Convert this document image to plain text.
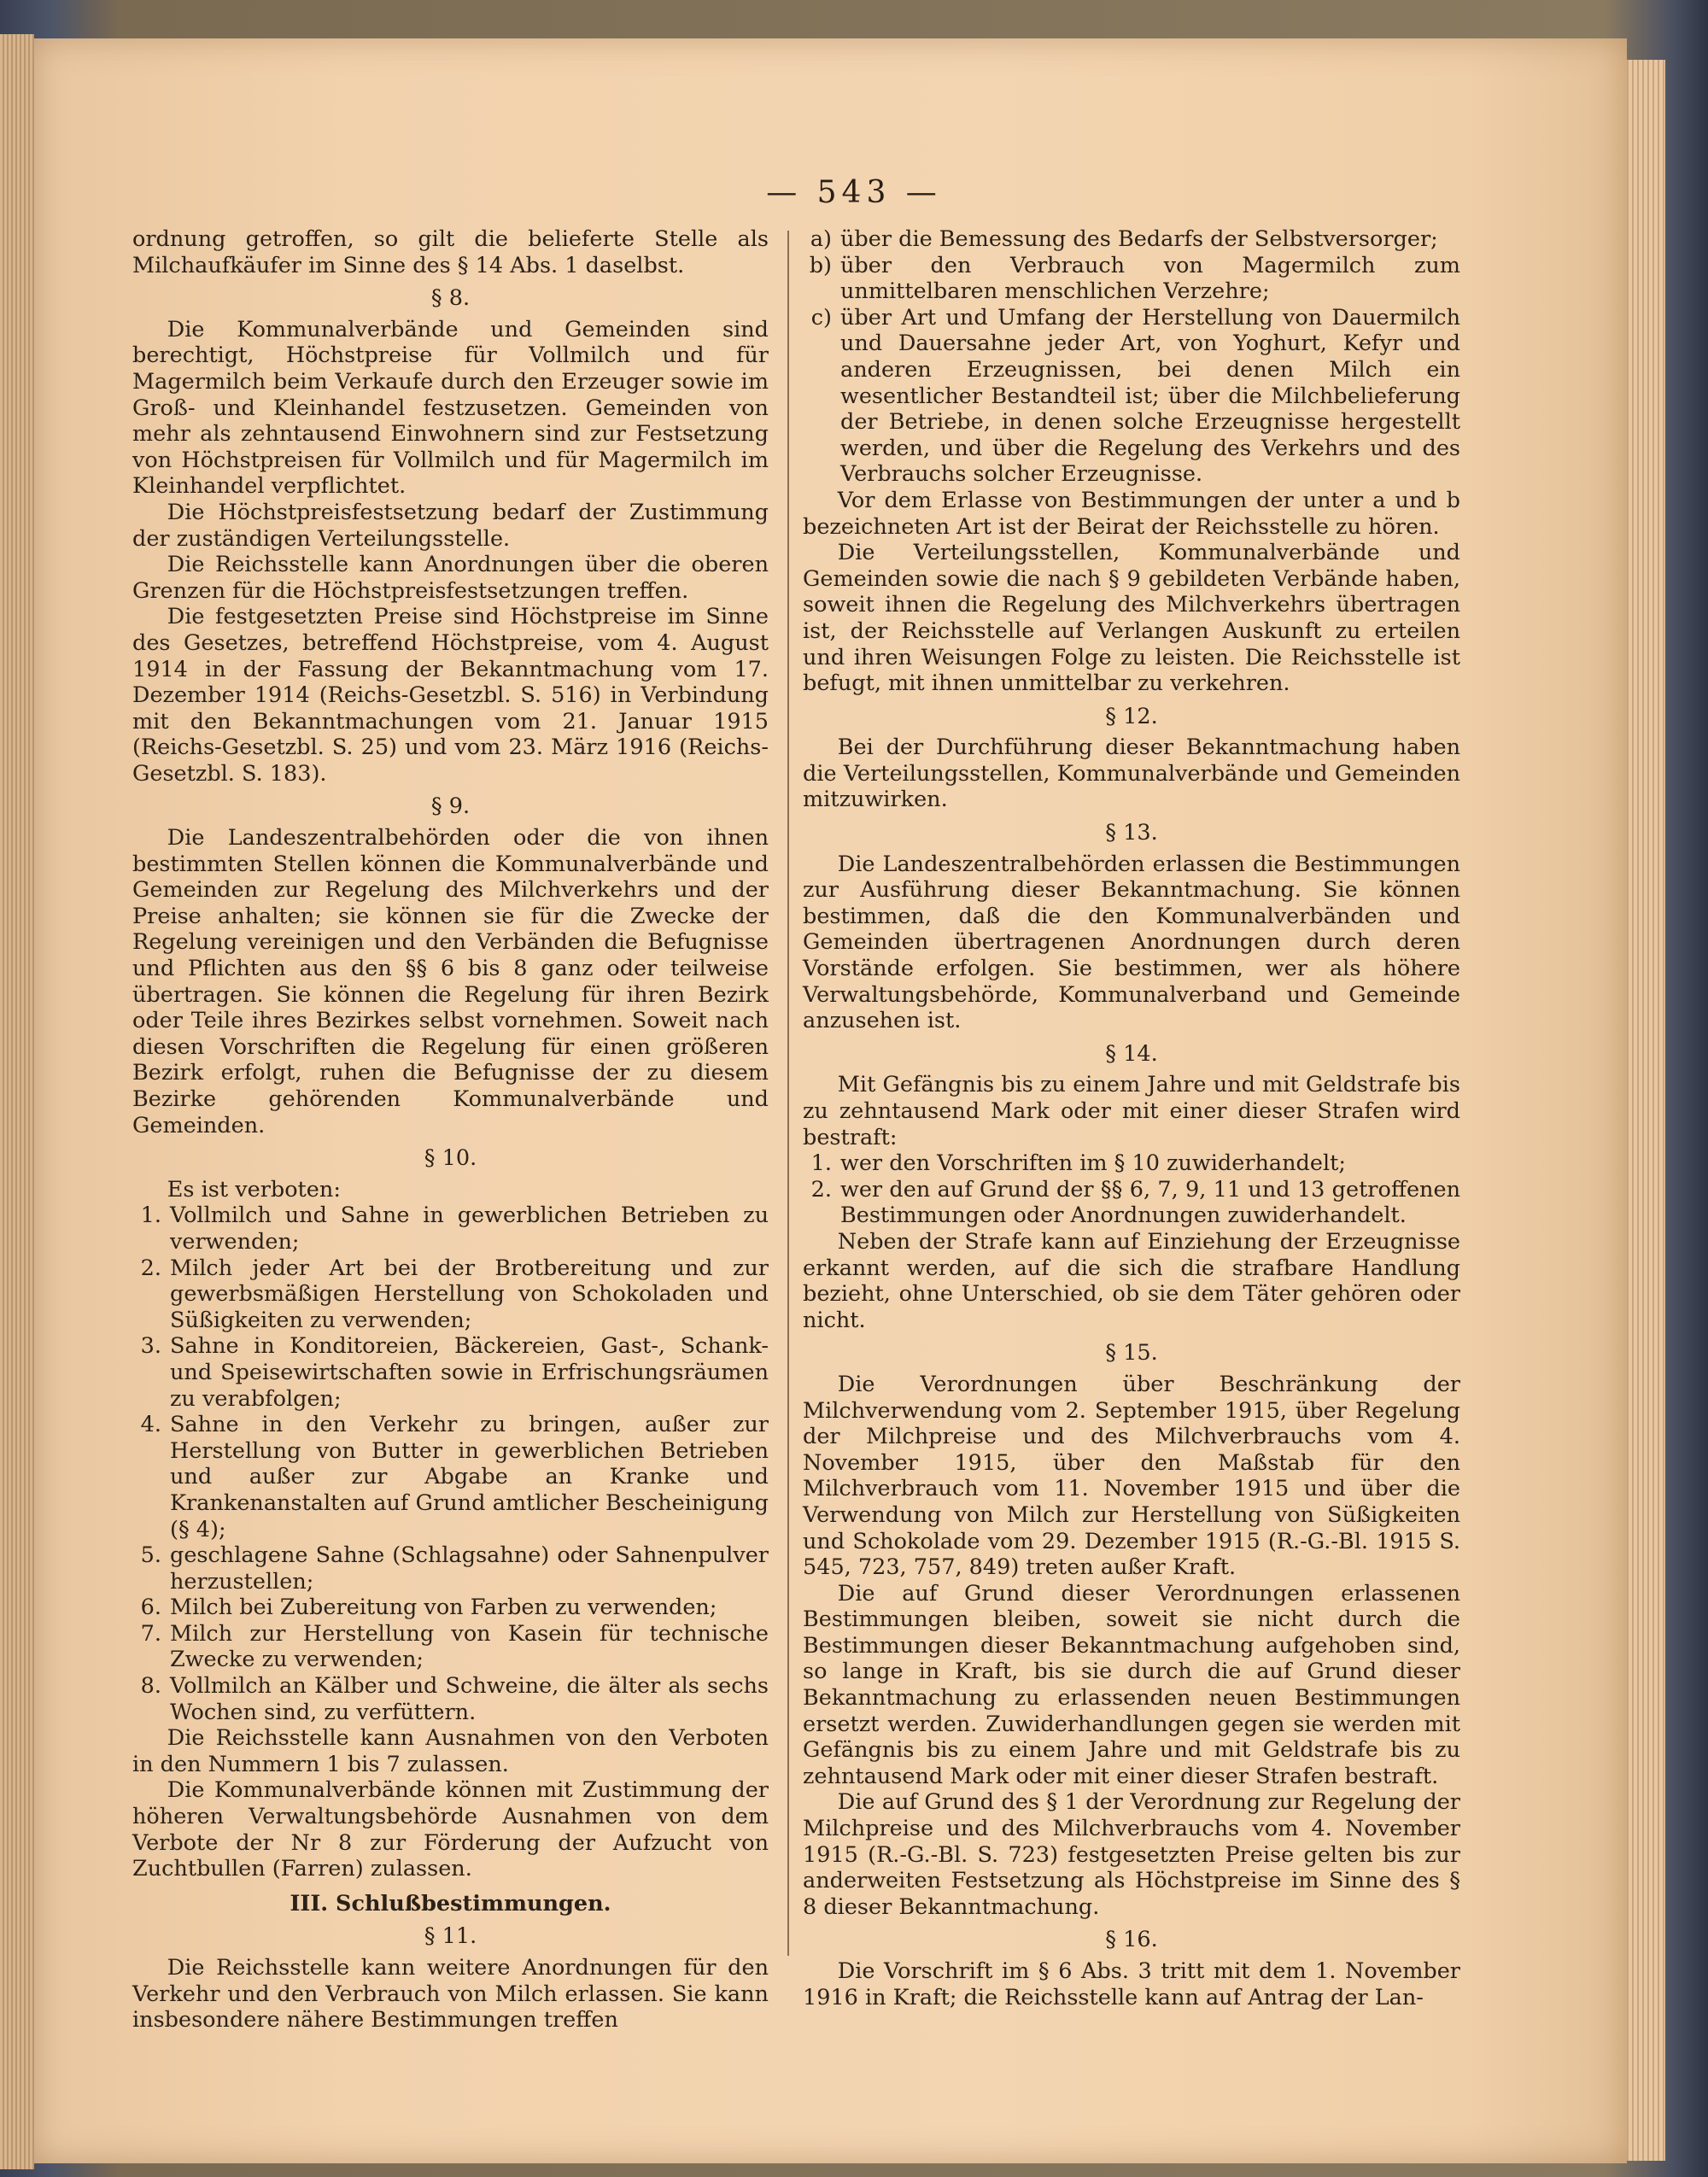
— 543 —

ordnung getroffen, so gilt die belieferte Stelle als Milchaufkäufer im Sinne des § 14 Abs. 1 daselbst.

§ 8.

Die Kommunalverbände und Gemeinden sind berechtigt, Höchstpreise für Vollmilch und für Magermilch beim Verkaufe durch den Erzeuger sowie im Groß- und Kleinhandel festzusetzen. Gemeinden von mehr als zehntausend Einwohnern sind zur Festsetzung von Höchstpreisen für Vollmilch und für Magermilch im Kleinhandel verpflichtet.

Die Höchstpreisfestsetzung bedarf der Zustimmung der zuständigen Verteilungsstelle.

Die Reichsstelle kann Anordnungen über die oberen Grenzen für die Höchstpreisfestsetzungen treffen.

Die festgesetzten Preise sind Höchstpreise im Sinne des Gesetzes, betreffend Höchstpreise, vom 4. August 1914 in der Fassung der Bekanntmachung vom 17. Dezember 1914 (Reichs-Gesetzbl. S. 516) in Verbindung mit den Bekanntmachungen vom 21. Januar 1915 (Reichs-Gesetzbl. S. 25) und vom 23. März 1916 (Reichs-Gesetzbl. S. 183).

§ 9.

Die Landeszentralbehörden oder die von ihnen bestimmten Stellen können die Kommunalverbände und Gemeinden zur Regelung des Milchverkehrs und der Preise anhalten; sie können sie für die Zwecke der Regelung vereinigen und den Verbänden die Befugnisse und Pflichten aus den §§ 6 bis 8 ganz oder teilweise übertragen. Sie können die Regelung für ihren Bezirk oder Teile ihres Bezirkes selbst vornehmen. Soweit nach diesen Vorschriften die Regelung für einen größeren Bezirk erfolgt, ruhen die Befugnisse der zu diesem Bezirke gehörenden Kommunalverbände und Gemeinden.

§ 10.

Es ist verboten:

1. Vollmilch und Sahne in gewerblichen Betrieben zu verwenden;
2. Milch jeder Art bei der Brotbereitung und zur gewerbsmäßigen Herstellung von Schokoladen und Süßigkeiten zu verwenden;
3. Sahne in Konditoreien, Bäckereien, Gast-, Schank- und Speisewirtschaften sowie in Erfrischungsräumen zu verabfolgen;
4. Sahne in den Verkehr zu bringen, außer zur Herstellung von Butter in gewerblichen Betrieben und außer zur Abgabe an Kranke und Krankenanstalten auf Grund amtlicher Bescheinigung (§ 4);
5. geschlagene Sahne (Schlagsahne) oder Sahnenpulver herzustellen;
6. Milch bei Zubereitung von Farben zu verwenden;
7. Milch zur Herstellung von Kasein für technische Zwecke zu verwenden;
8. Vollmilch an Kälber und Schweine, die älter als sechs Wochen sind, zu verfüttern.

Die Reichsstelle kann Ausnahmen von den Verboten in den Nummern 1 bis 7 zulassen.

Die Kommunalverbände können mit Zustimmung der höheren Verwaltungsbehörde Ausnahmen von dem Verbote der Nr 8 zur Förderung der Aufzucht von Zuchtbullen (Farren) zulassen.

III. Schlußbestimmungen.
§ 11.

Die Reichsstelle kann weitere Anordnungen für den Verkehr und den Verbrauch von Milch erlassen. Sie kann insbesondere nähere Bestimmungen treffen

a) über die Bemessung des Bedarfs der Selbstversorger;
b) über den Verbrauch von Magermilch zum unmittelbaren menschlichen Verzehre;
c) über Art und Umfang der Herstellung von Dauermilch und Dauersahne jeder Art, von Yoghurt, Kefyr und anderen Erzeugnissen, bei denen Milch ein wesentlicher Bestandteil ist; über die Milchbelieferung der Betriebe, in denen solche Erzeugnisse hergestellt werden, und über die Regelung des Verkehrs und des Verbrauchs solcher Erzeugnisse.

Vor dem Erlasse von Bestimmungen der unter a und b bezeichneten Art ist der Beirat der Reichsstelle zu hören.

Die Verteilungsstellen, Kommunalverbände und Gemeinden sowie die nach § 9 gebildeten Verbände haben, soweit ihnen die Regelung des Milchverkehrs übertragen ist, der Reichsstelle auf Verlangen Auskunft zu erteilen und ihren Weisungen Folge zu leisten. Die Reichsstelle ist befugt, mit ihnen unmittelbar zu verkehren.

§ 12.

Bei der Durchführung dieser Bekanntmachung haben die Verteilungsstellen, Kommunalverbände und Gemeinden mitzuwirken.

§ 13.

Die Landeszentralbehörden erlassen die Bestimmungen zur Ausführung dieser Bekanntmachung. Sie können bestimmen, daß die den Kommunalverbänden und Gemeinden übertragenen Anordnungen durch deren Vorstände erfolgen. Sie bestimmen, wer als höhere Verwaltungsbehörde, Kommunalverband und Gemeinde anzusehen ist.

§ 14.

Mit Gefängnis bis zu einem Jahre und mit Geldstrafe bis zu zehntausend Mark oder mit einer dieser Strafen wird bestraft:

1. wer den Vorschriften im § 10 zuwiderhandelt;
2. wer den auf Grund der §§ 6, 7, 9, 11 und 13 getroffenen Bestimmungen oder Anordnungen zuwiderhandelt.

Neben der Strafe kann auf Einziehung der Erzeugnisse erkannt werden, auf die sich die strafbare Handlung bezieht, ohne Unterschied, ob sie dem Täter gehören oder nicht.

§ 15.

Die Verordnungen über Beschränkung der Milchverwendung vom 2. September 1915, über Regelung der Milchpreise und des Milchverbrauchs vom 4. November 1915, über den Maßstab für den Milchverbrauch vom 11. November 1915 und über die Verwendung von Milch zur Herstellung von Süßigkeiten und Schokolade vom 29. Dezember 1915 (R.-G.-Bl. 1915 S. 545, 723, 757, 849) treten außer Kraft.

Die auf Grund dieser Verordnungen erlassenen Bestimmungen bleiben, soweit sie nicht durch die Bestimmungen dieser Bekanntmachung aufgehoben sind, so lange in Kraft, bis sie durch die auf Grund dieser Bekanntmachung zu erlassenden neuen Bestimmungen ersetzt werden. Zuwiderhandlungen gegen sie werden mit Gefängnis bis zu einem Jahre und mit Geldstrafe bis zu zehntausend Mark oder mit einer dieser Strafen bestraft.

Die auf Grund des § 1 der Verordnung zur Regelung der Milchpreise und des Milchverbrauchs vom 4. November 1915 (R.-G.-Bl. S. 723) festgesetzten Preise gelten bis zur anderweiten Festsetzung als Höchstpreise im Sinne des § 8 dieser Bekanntmachung.

§ 16.

Die Vorschrift im § 6 Abs. 3 tritt mit dem 1. November 1916 in Kraft; die Reichsstelle kann auf Antrag der Lan-
